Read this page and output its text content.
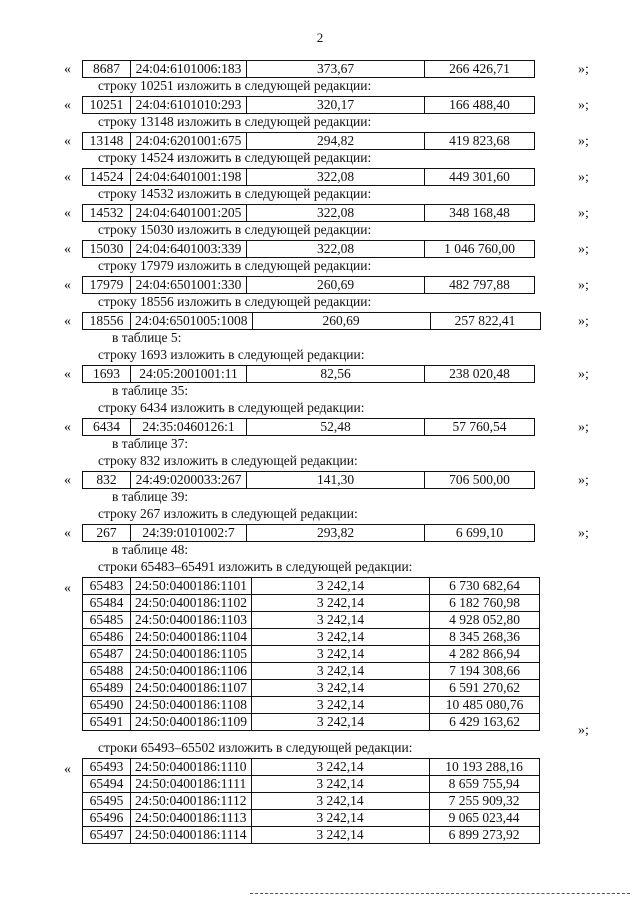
2
« 8687	24:04:6101006:183	373,67	266 426,71	»;
строку 10251 изложить в следующей редакции:
« 10251	24:04:6101010:293	320,17	166 488,40	»;
строку 13148 изложить в следующей редакции:
« 13148	24:04:6201001:675	294,82	419 823,68	»;
строку 14524 изложить в следующей редакции:
« 14524	24:04:6401001:198	322,08	449 301,60	»;
строку 14532 изложить в следующей редакции:
« 14532	24:04:6401001:205	322,08	348 168,48	»;
строку 15030 изложить в следующей редакции:
« 15030	24:04:6401003:339	322,08	1 046 760,00	»;
строку 17979 изложить в следующей редакции:
« 17979	24:04:6501001:330	260,69	482 797,88	»;
строку 18556 изложить в следующей редакции:
« 18556	24:04:6501005:1008	260,69	257 822,41	»;
в таблице 5:
строку 1693 изложить в следующей редакции:
« 1693	24:05:2001001:11	82,56	238 020,48	»;
в таблице 35:
строку 6434 изложить в следующей редакции:
« 6434	24:35:0460126:1	52,48	57 760,54	»;
в таблице 37:
строку 832 изложить в следующей редакции:
« 832	24:49:0200033:267	141,30	706 500,00	»;
в таблице 39:
строку 267 изложить в следующей редакции:
« 267	24:39:0101002:7	293,82	6 699,10	»;
в таблице 48:
строки 65483–65491 изложить в следующей редакции:
« 65483	24:50:0400186:1101	3 242,14	6 730 682,64
65484	24:50:0400186:1102	3 242,14	6 182 760,98
65485	24:50:0400186:1103	3 242,14	4 928 052,80
65486	24:50:0400186:1104	3 242,14	8 345 268,36
65487	24:50:0400186:1105	3 242,14	4 282 866,94
65488	24:50:0400186:1106	3 242,14	7 194 308,66
65489	24:50:0400186:1107	3 242,14	6 591 270,62
65490	24:50:0400186:1108	3 242,14	10 485 080,76
65491	24:50:0400186:1109	3 242,14	6 429 163,62
»;
строки 65493–65502 изложить в следующей редакции:
« 65493	24:50:0400186:1110	3 242,14	10 193 288,16
65494	24:50:0400186:1111	3 242,14	8 659 755,94
65495	24:50:0400186:1112	3 242,14	7 255 909,32
65496	24:50:0400186:1113	3 242,14	9 065 023,44
65497	24:50:0400186:1114	3 242,14	6 899 273,92
